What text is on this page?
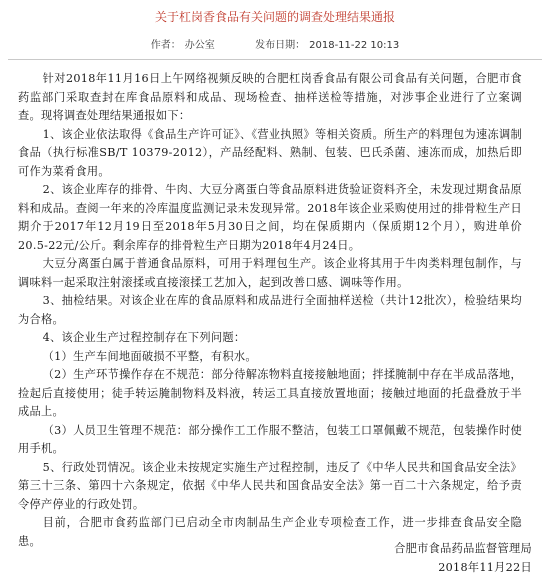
关于杠岗香食品有关问题的调查处理结果通报
作者： 办公室	发布日期： 2018-11-22 10:13

针对2018年11月16日上午网络视频反映的合肥杠岗香食品有限公司食品有关问题，合肥市食药监部门采取查封在库食品原料和成品、现场检查、抽样送检等措施，对涉事企业进行了立案调查。现将调查处理结果通报如下：

1、该企业依法取得《食品生产许可证》、《营业执照》等相关资质。所生产的料理包为速冻调制食品（执行标准SB/T 10379-2012），产品经配料、熟制、包装、巴氏杀菌、速冻而成，加热后即可作为菜肴食用。

2、该企业库存的排骨、牛肉、大豆分离蛋白等食品原料进货验证资料齐全，未发现过期食品原料和成品。查阅一年来的冷库温度监测记录未发现异常。2018年该企业采购使用过的排骨粒生产日期介于2017年12月19日至2018年5月30日之间，均在保质期内（保质期12个月），购进单价20.5-22元/公斤。剩余库存的排骨粒生产日期为2018年4月24日。

大豆分离蛋白属于普通食品原料，可用于料理包生产。该企业将其用于牛肉类料理包制作，与调味料一起采取注射滚揉或直接滚揉工艺加入，起到改善口感、调味等作用。

3、抽检结果。对该企业在库的食品原料和成品进行全面抽样送检（共计12批次），检验结果均为合格。

4、该企业生产过程控制存在下列问题：

（1）生产车间地面破损不平整，有积水。

（2）生产环节操作存在不规范：部分待解冻物料直接接触地面；拌揉腌制中存在半成品落地，捡起后直接使用；徒手转运腌制物料及料液，转运工具直接放置地面；接触过地面的托盘叠放于半成品上。

（3）人员卫生管理不规范：部分操作工工作服不整洁，包装工口罩佩戴不规范，包装操作时使用手机。

5、行政处罚情况。该企业未按规定实施生产过程控制，违反了《中华人民共和国食品安全法》第三十三条、第四十六条规定，依据《中华人民共和国食品安全法》第一百二十六条规定，给予责令停产停业的行政处罚。

目前，合肥市食药监部门已启动全市肉制品生产企业专项检查工作，进一步排查食品安全隐患。

合肥市食品药品监督管理局
2018年11月22日
